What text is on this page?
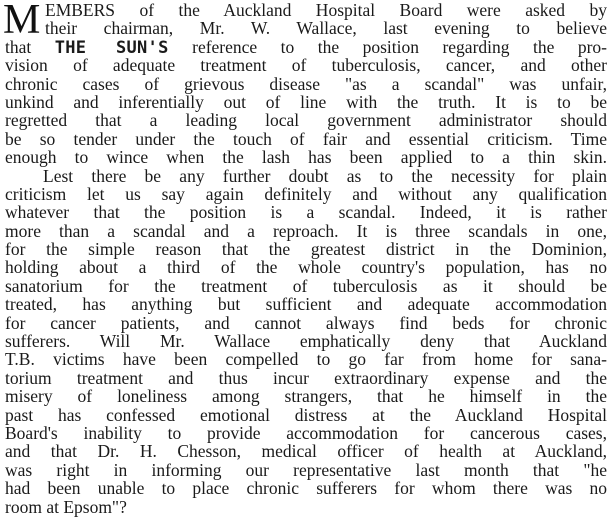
M EMBERS of the Auckland Hospital Board were asked by
their chairman, Mr. W. Wallace, last evening to believe
that THE SUN'S reference to the position regarding the pro-
vision of adequate treatment of tuberculosis, cancer, and other
chronic cases of grievous disease "as a scandal" was unfair,
unkind and inferentially out of line with the truth. It is to be
regretted that a leading local government administrator should
be so tender under the touch of fair and essential criticism. Time
enough to wince when the lash has been applied to a thin skin.
Lest there be any further doubt as to the necessity for plain
criticism let us say again definitely and without any qualification
whatever that the position is a scandal. Indeed, it is rather
more than a scandal and a reproach. It is three scandals in one,
for the simple reason that the greatest district in the Dominion,
holding about a third of the whole country's population, has no
sanatorium for the treatment of tuberculosis as it should be
treated, has anything but sufficient and adequate accommodation
for cancer patients, and cannot always find beds for chronic
sufferers. Will Mr. Wallace emphatically deny that Auckland
T.B. victims have been compelled to go far from home for sana-
torium treatment and thus incur extraordinary expense and the
misery of loneliness among strangers, that he himself in the
past has confessed emotional distress at the Auckland Hospital
Board's inability to provide accommodation for cancerous cases,
and that Dr. H. Chesson, medical officer of health at Auckland,
was right in informing our representative last month that "he
had been unable to place chronic sufferers for whom there was no
room at Epsom"?
